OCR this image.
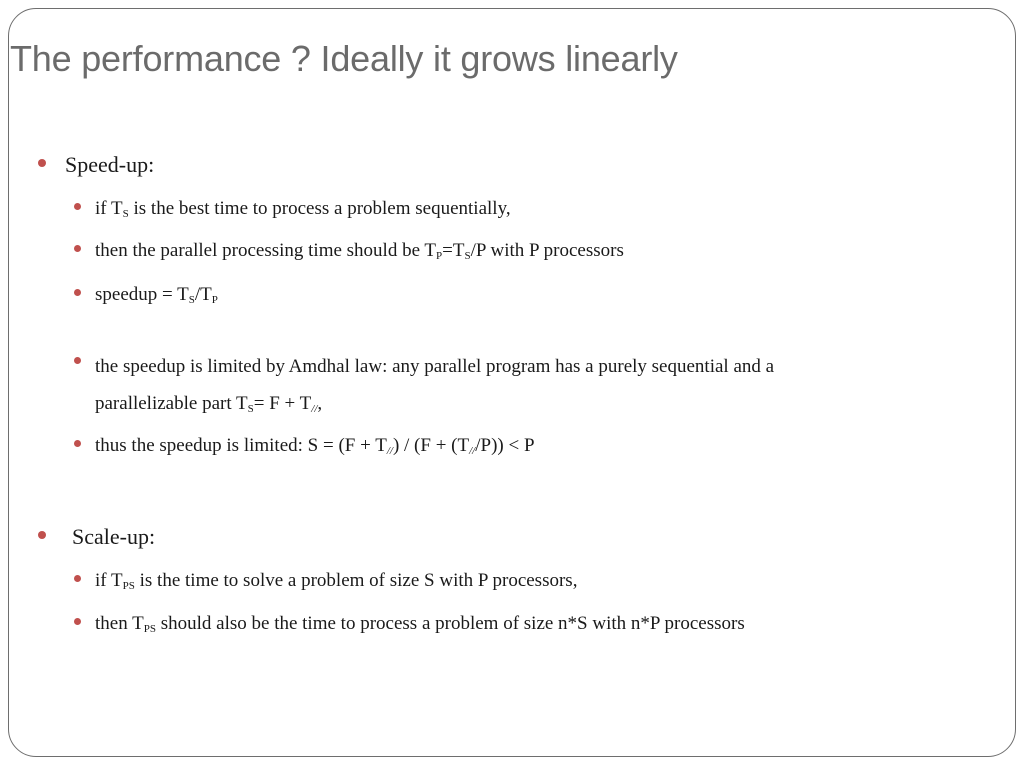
The performance ? Ideally it grows linearly
Speed-up:
if $T_S$ is the best time to process a problem sequentially,
then the parallel processing time should be $T_P=T_S/P$ with P processors
speedup = $T_S/T_P$
the speedup is limited by Amdhal law: any parallel program has a purely sequential and a
parallelizable part $T_S= F + T_{//}$,
thus the speedup is limited: $S = (F + T_{//}) / (F + (T_{//}/P)) < P$
Scale-up:
if $T_{PS}$ is the time to solve a problem of size S with P processors,
then $T_{PS}$ should also be the time to process a problem of size n*S with n*P processors
